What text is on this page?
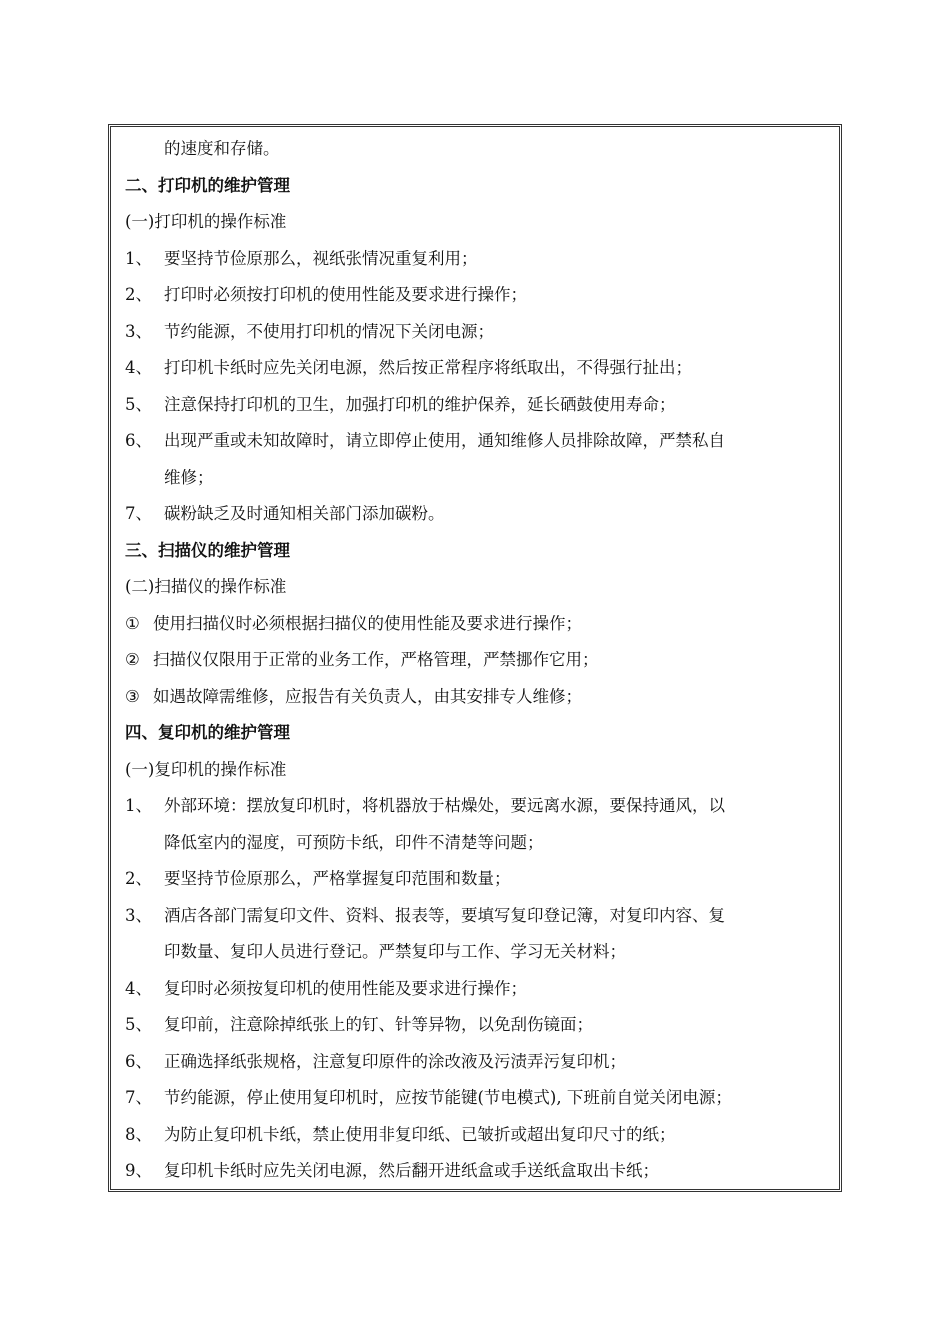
的速度和存储。
二、打印机的维护管理
(一)打印机的操作标准
1、 要坚持节俭原那么，视纸张情况重复利用；
2、 打印时必须按打印机的使用性能及要求进行操作；
3、 节约能源，不使用打印机的情况下关闭电源；
4、 打印机卡纸时应先关闭电源，然后按正常程序将纸取出，不得强行扯出；
5、 注意保持打印机的卫生，加强打印机的维护保养，延长硒鼓使用寿命；
6、 出现严重或未知故障时，请立即停止使用，通知维修人员排除故障，严禁私自
维修；
7、 碳粉缺乏及时通知相关部门添加碳粉。
三、扫描仪的维护管理
(二)扫描仪的操作标准
① 使用扫描仪时必须根据扫描仪的使用性能及要求进行操作；
② 扫描仪仅限用于正常的业务工作，严格管理，严禁挪作它用；
③ 如遇故障需维修，应报告有关负责人，由其安排专人维修；
四、复印机的维护管理
(一)复印机的操作标准
1、 外部环境：摆放复印机时，将机器放于枯燥处，要远离水源，要保持通风，以
降低室内的湿度，可预防卡纸，印件不清楚等问题；
2、 要坚持节俭原那么，严格掌握复印范围和数量；
3、 酒店各部门需复印文件、资料、报表等，要填写复印登记簿，对复印内容、复
印数量、复印人员进行登记。严禁复印与工作、学习无关材料；
4、 复印时必须按复印机的使用性能及要求进行操作；
5、 复印前，注意除掉纸张上的钉、针等异物，以免刮伤镜面；
6、 正确选择纸张规格，注意复印原件的涂改液及污渍弄污复印机；
7、 节约能源，停止使用复印机时，应按节能键(节电模式), 下班前自觉关闭电源；
8、 为防止复印机卡纸，禁止使用非复印纸、已皱折或超出复印尺寸的纸；
9、 复印机卡纸时应先关闭电源，然后翻开进纸盒或手送纸盒取出卡纸；
